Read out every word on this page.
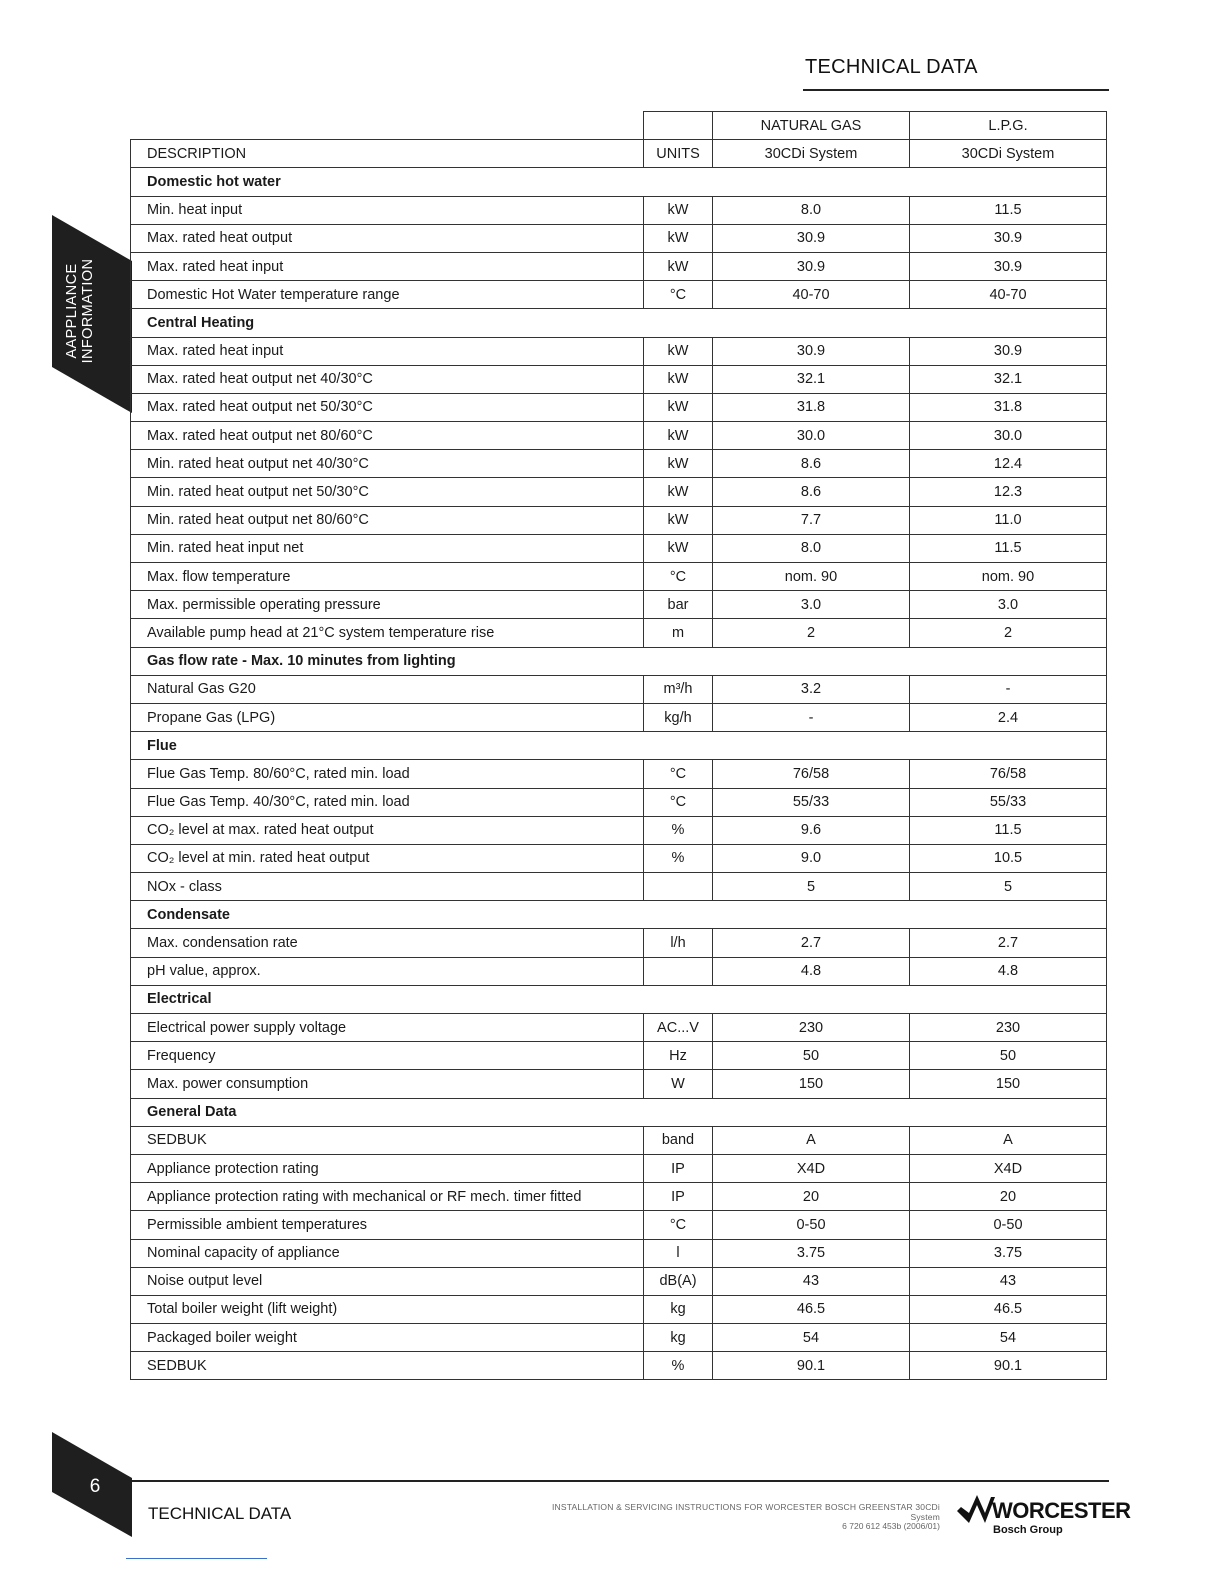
TECHNICAL DATA
AAPPLIANCE INFORMATION
		NATURAL GAS	L.P.G.
DESCRIPTION	UNITS	30CDi System	30CDi System
Domestic hot water			
Min. heat input	kW	8.0	11.5
Max. rated heat output	kW	30.9	30.9
Max. rated heat input	kW	30.9	30.9
Domestic Hot Water temperature range	°C	40-70	40-70
Central Heating			
Max. rated heat input	kW	30.9	30.9
Max. rated heat output net 40/30°C	kW	32.1	32.1
Max. rated heat output net 50/30°C	kW	31.8	31.8
Max. rated heat output net 80/60°C	kW	30.0	30.0
Min. rated heat output net 40/30°C	kW	8.6	12.4
Min. rated heat output net 50/30°C	kW	8.6	12.3
Min. rated heat output net 80/60°C	kW	7.7	11.0
Min. rated heat input net	kW	8.0	11.5
Max. flow temperature	°C	nom. 90	nom. 90
Max. permissible operating pressure	bar	3.0	3.0
Available pump head at 21°C system temperature rise	m	2	2
Gas flow rate - Max. 10 minutes from lighting			
Natural Gas G20	m³/h	3.2	-
Propane Gas (LPG)	kg/h	-	2.4
Flue			
Flue Gas Temp. 80/60°C, rated min. load	°C	76/58	76/58
Flue Gas Temp. 40/30°C, rated min. load	°C	55/33	55/33
CO₂ level at max. rated heat output	%	9.6	11.5
CO₂ level at min. rated heat output	%	9.0	10.5
NOx - class		5	5
Condensate			
Max. condensation rate	l/h	2.7	2.7
pH value, approx.		4.8	4.8
Electrical			
Electrical power supply voltage	AC...V	230	230
Frequency	Hz	50	50
Max. power consumption	W	150	150
General Data			
SEDBUK	band	A	A
Appliance protection rating	IP	X4D	X4D
Appliance protection rating with mechanical or RF mech. timer fitted	IP	20	20
Permissible ambient temperatures	°C	0-50	0-50
Nominal capacity of appliance	l	3.75	3.75
Noise output level	dB(A)	43	43
Total boiler weight (lift weight)	kg	46.5	46.5
Packaged boiler weight	kg	54	54
SEDBUK	%	90.1	90.1
6
TECHNICAL DATA	INSTALLATION & SERVICING INSTRUCTIONS FOR WORCESTER BOSCH GREENSTAR 30CDi System
6 720 612 453b (2006/01)
WORCESTER
Bosch Group
